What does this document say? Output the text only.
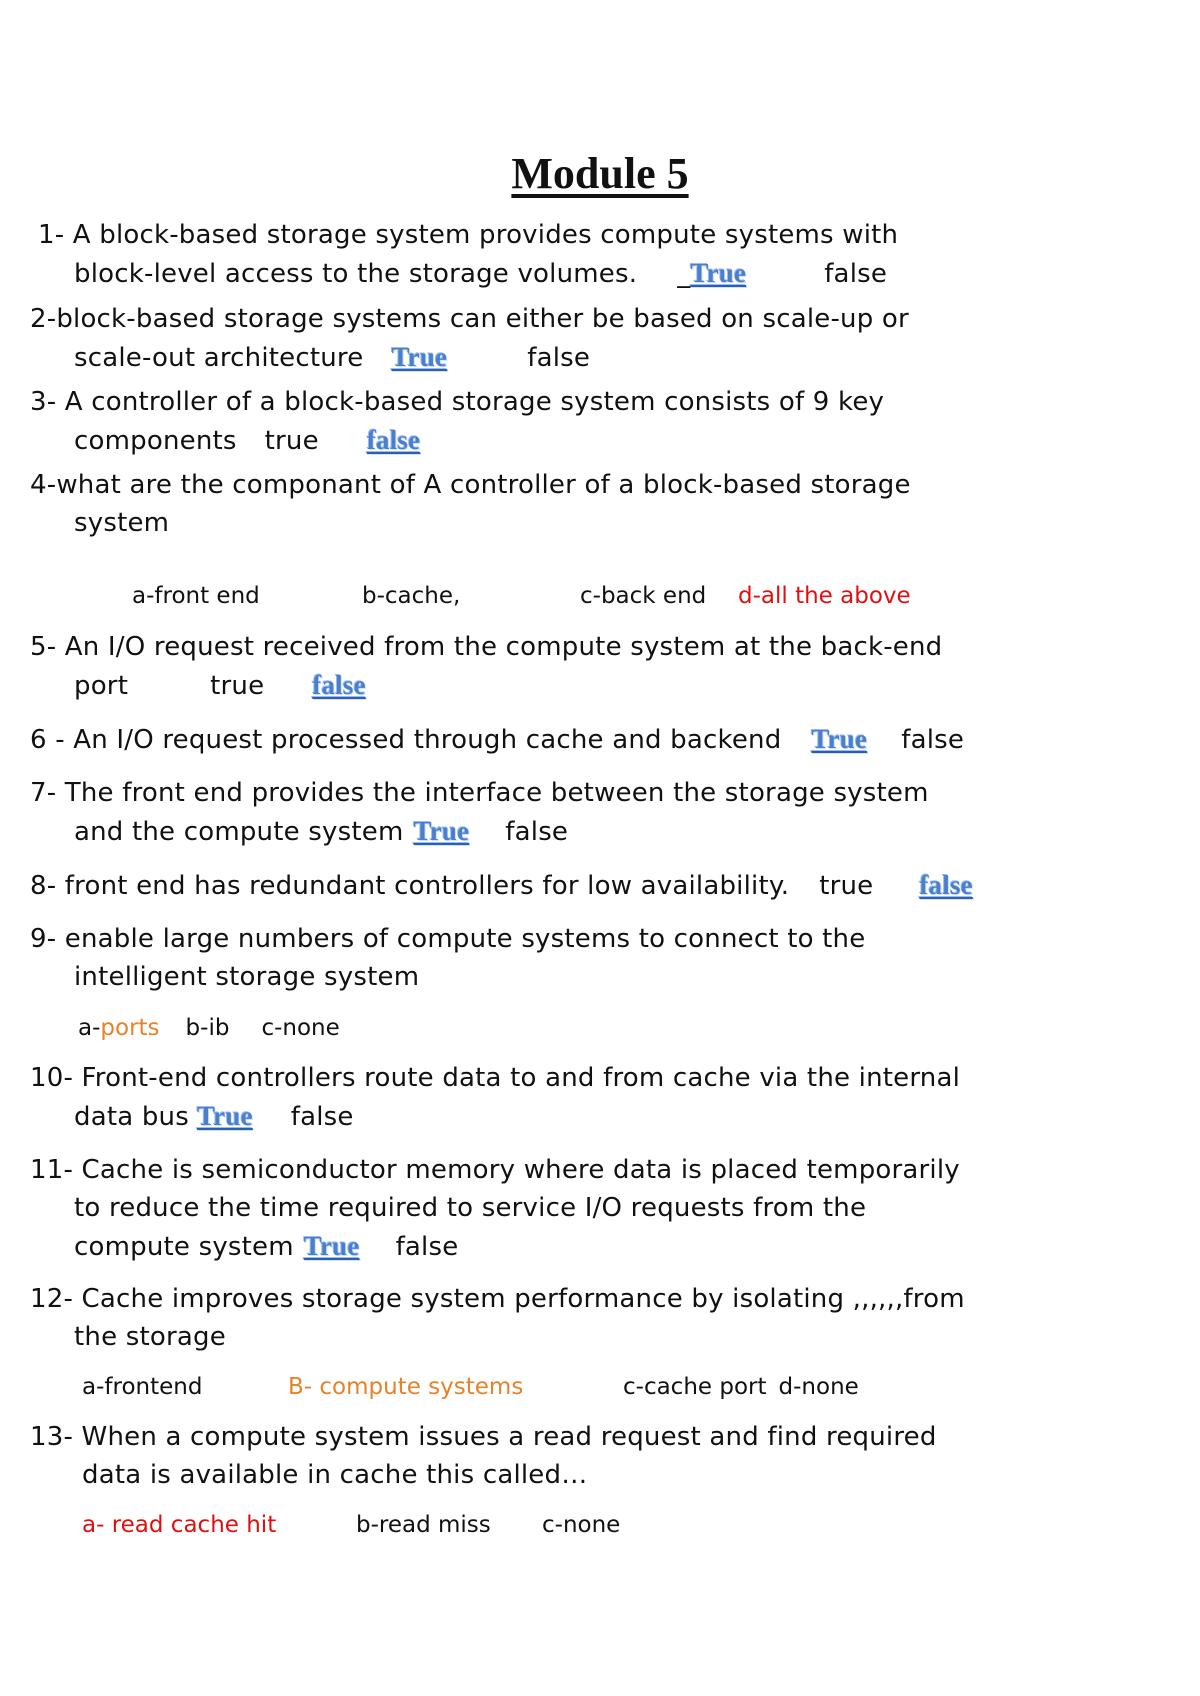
Module 5
1- A block-based storage system provides compute systems with
block-level access to the storage volumes. _True	false
2-block-based storage systems can either be based on scale-up or
scale-out architecture True	false
3- A controller of a block-based storage system consists of 9 key
components true false
4-what are the componant of A controller of a block-based storage
system
a-front end	b-cache,	c-back end d-all the above
5- An I/O request received from the compute system at the back-end
port	true false
6 - An I/O request processed through cache and backend True false
7- The front end provides the interface between the storage system
and the compute system True false
8- front end has redundant controllers for low availability. true false
9- enable large numbers of compute systems to connect to the
intelligent storage system
a-ports b-ib c-none
10- Front-end controllers route data to and from cache via the internal
data bus True false
11- Cache is semiconductor memory where data is placed temporarily
to reduce the time required to service I/O requests from the
compute system True false
12- Cache improves storage system performance by isolating ,,,,,,from
the storage
a-frontend	B- compute systems	c-cache port d-none
13- When a compute system issues a read request and find required
data is available in cache this called…
a- read cache hit	b-read miss c-none
